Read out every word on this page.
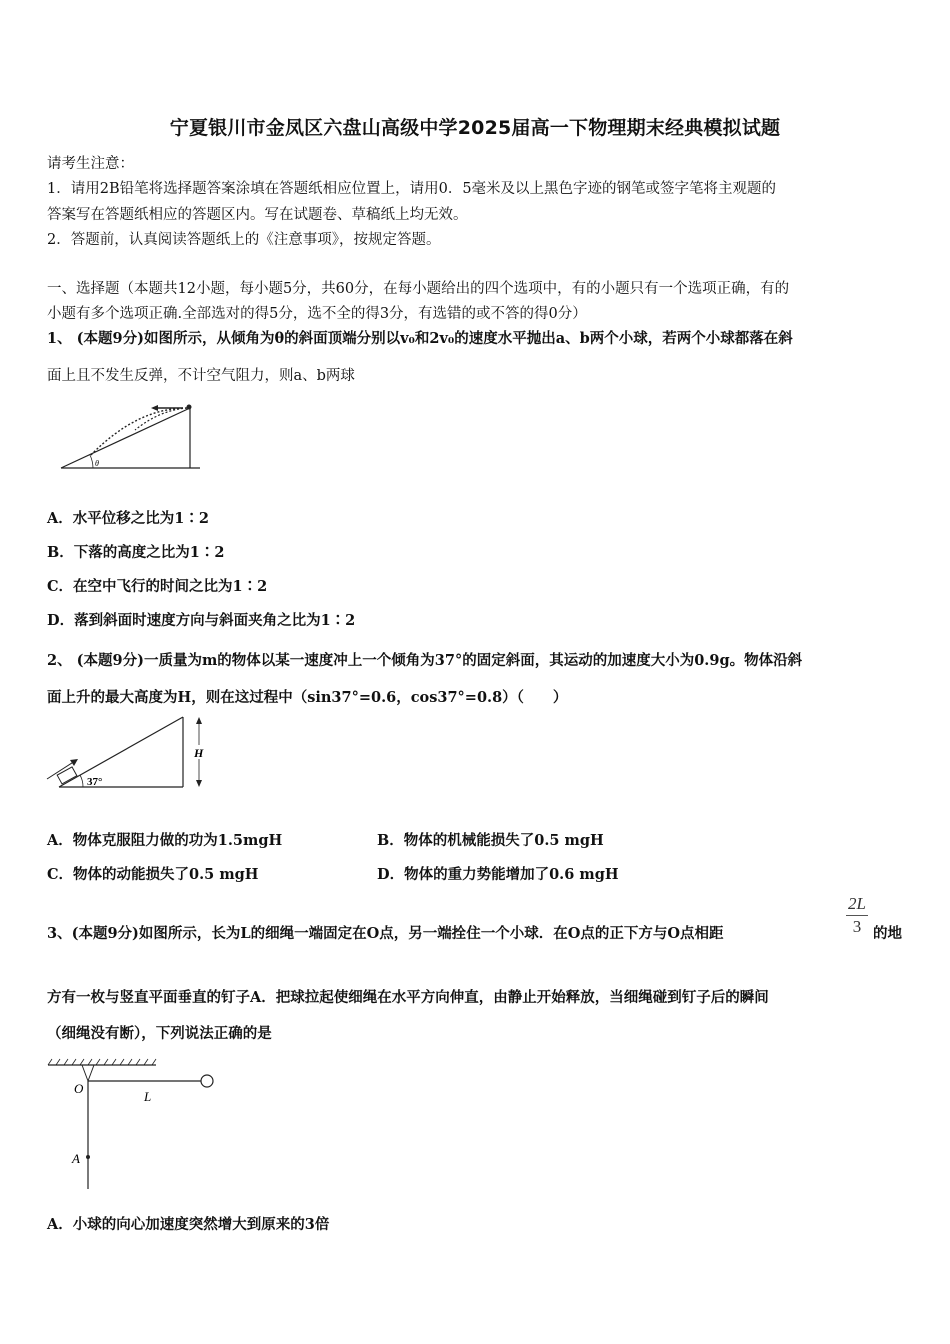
宁夏银川市金凤区六盘山高级中学2025届高一下物理期末经典模拟试题
请考生注意：
1．请用2B铅笔将选择题答案涂填在答题纸相应位置上，请用0．5毫米及以上黑色字迹的钢笔或签字笔将主观题的
答案写在答题纸相应的答题区内。写在试题卷、草稿纸上均无效。
2．答题前，认真阅读答题纸上的《注意事项》，按规定答题。
一、选择题（本题共12小题，每小题5分，共60分，在每小题给出的四个选项中，有的小题只有一个选项正确，有的
小题有多个选项正确.全部选对的得5分，选不全的得3分，有选错的或不答的得0分）
1、 (本题9分)如图所示，从倾角为θ的斜面顶端分别以v₀和2v₀的速度水平抛出a、b两个小球，若两个小球都落在斜
面上且不发生反弹，不计空气阻力，则a、b两球
θ
A．水平位移之比为1∶2
B．下落的高度之比为1∶2
C．在空中飞行的时间之比为1∶2
D．落到斜面时速度方向与斜面夹角之比为1∶2
2、 (本题9分)一质量为m的物体以某一速度冲上一个倾角为37°的固定斜面，其运动的加速度大小为0.9g。物体沿斜
面上升的最大高度为H，则在这过程中（sin37°=0.6，cos37°=0.8）（　　）
37°
H
A．物体克服阻力做的功为1.5mgH	B．物体的机械能损失了0.5 mgH
C．物体的动能损失了0.5 mgH	D．物体的重力势能增加了0.6 mgH
3、(本题9分)如图所示，长为L的细绳一端固定在O点，另一端拴住一个小球．在O点的正下方与O点相距
2L
3 的地
方有一枚与竖直平面垂直的钉子A．把球拉起使细绳在水平方向伸直，由静止开始释放，当细绳碰到钉子后的瞬间
（细绳没有断），下列说法正确的是
O
L
A
A．小球的向心加速度突然增大到原来的3倍
